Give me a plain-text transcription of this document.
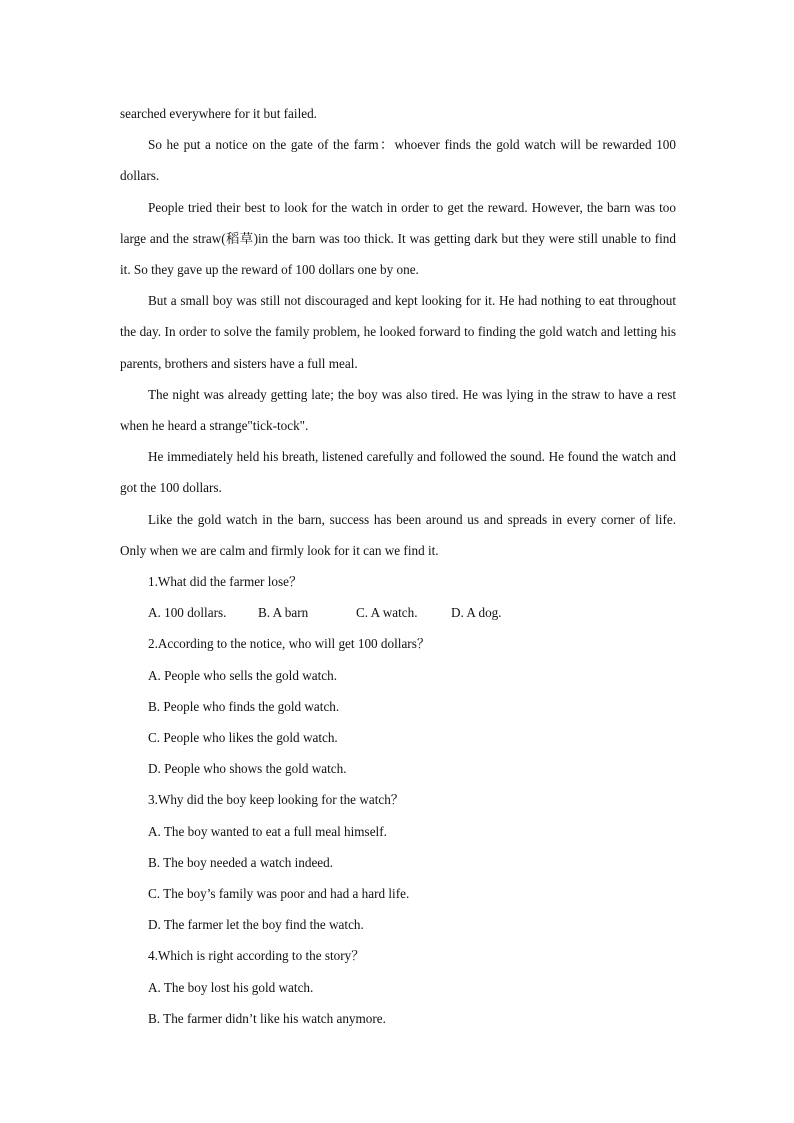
searched everywhere for it but failed.

So he put a notice on the gate of the farm：whoever finds the gold watch will be rewarded 100 dollars.

People tried their best to look for the watch in order to get the reward. However, the barn was too large and the straw(稻草)in the barn was too thick. It was getting dark but they were still unable to find it. So they gave up the reward of 100 dollars one by one.

But a small boy was still not discouraged and kept looking for it. He had nothing to eat throughout the day. In order to solve the family problem, he looked forward to finding the gold watch and letting his parents, brothers and sisters have a full meal.

The night was already getting late; the boy was also tired. He was lying in the straw to have a rest when he heard a strange"tick-tock".

He immediately held his breath, listened carefully and followed the sound. He found the watch and got the 100 dollars.

Like the gold watch in the barn, success has been around us and spreads in every corner of life. Only when we are calm and firmly look for it can we find it.

1.What did the farmer lose？

A. 100 dollars. B. A barn	C. A watch.	D. A dog.

2.According to the notice, who will get 100 dollars？

A. People who sells the gold watch.

B. People who finds the gold watch.

C. People who likes the gold watch.

D. People who shows the gold watch.

3.Why did the boy keep looking for the watch？

A. The boy wanted to eat a full meal himself.

B. The boy needed a watch indeed.

C. The boy’s family was poor and had a hard life.

D. The farmer let the boy find the watch.

4.Which is right according to the story？

A. The boy lost his gold watch.

B. The farmer didn’t like his watch anymore.
